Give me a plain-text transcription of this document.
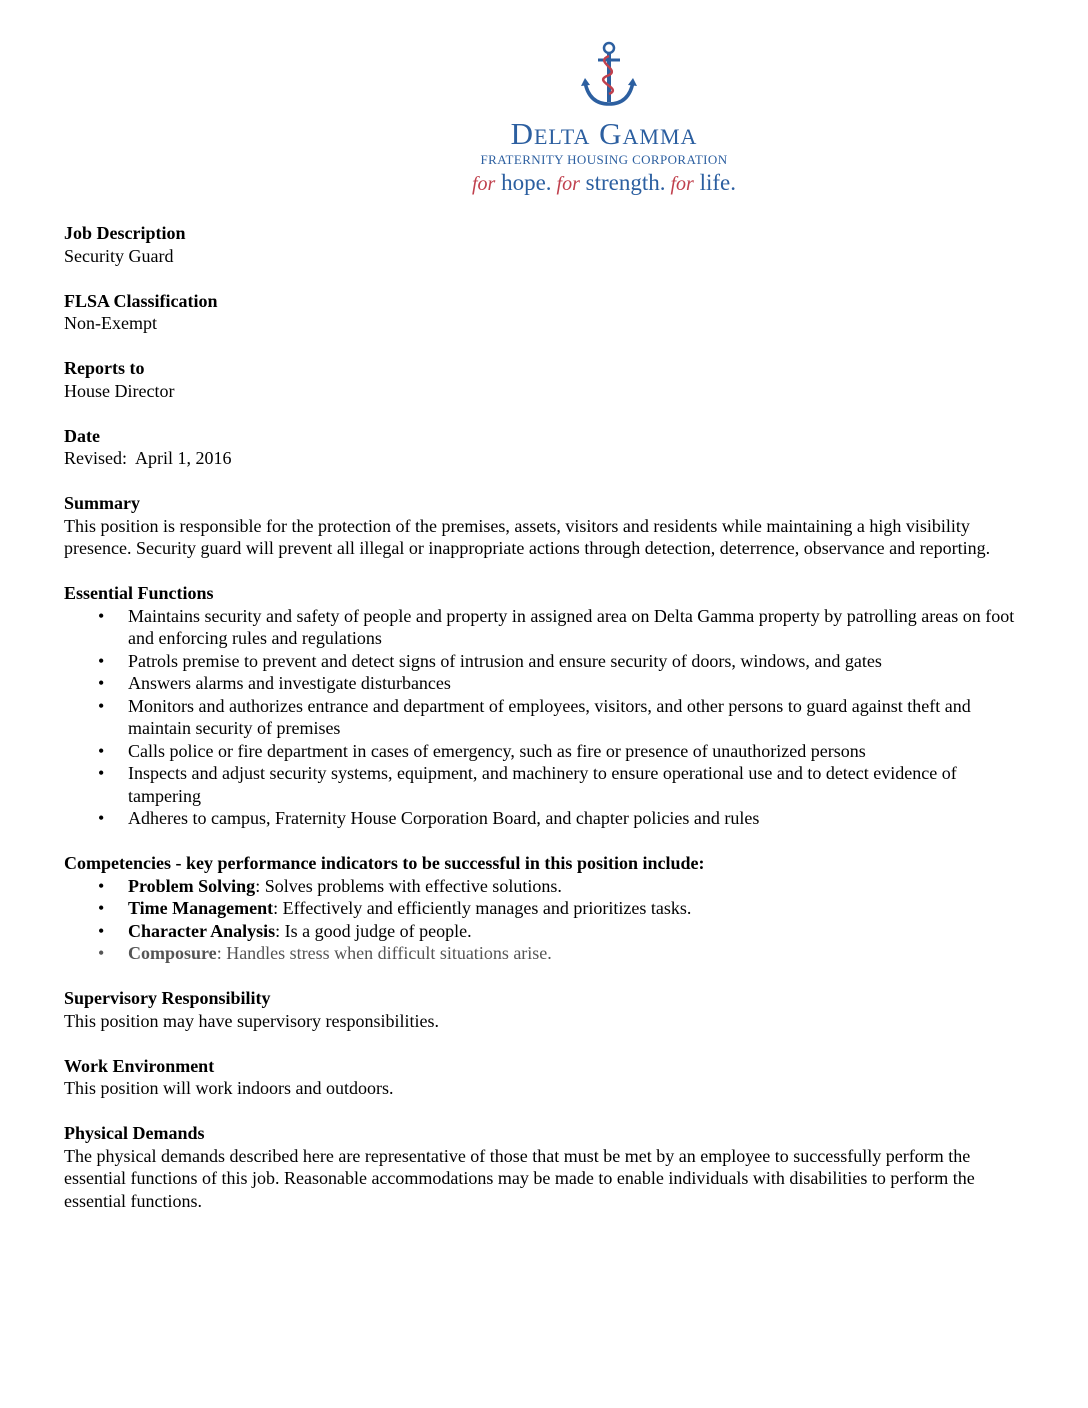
Delta Gamma
FRATERNITY HOUSING CORPORATION
for hope. for strength. for life.
Job Description
Security Guard
FLSA Classification
Non-Exempt
Reports to
House Director
Date
Revised:  April 1, 2016
Summary
This position is responsible for the protection of the premises, assets, visitors and residents while maintaining a high visibility presence. Security guard will prevent all illegal or inappropriate actions through detection, deterrence, observance and reporting.
Essential Functions
• Maintains security and safety of people and property in assigned area on Delta Gamma property by patrolling areas on foot and enforcing rules and regulations
• Patrols premise to prevent and detect signs of intrusion and ensure security of doors, windows, and gates
• Answers alarms and investigate disturbances
• Monitors and authorizes entrance and department of employees, visitors, and other persons to guard against theft and maintain security of premises
• Calls police or fire department in cases of emergency, such as fire or presence of unauthorized persons
• Inspects and adjust security systems, equipment, and machinery to ensure operational use and to detect evidence of tampering
• Adheres to campus, Fraternity House Corporation Board, and chapter policies and rules
Competencies - key performance indicators to be successful in this position include:
• Problem Solving: Solves problems with effective solutions.
• Time Management: Effectively and efficiently manages and prioritizes tasks.
• Character Analysis: Is a good judge of people.
• Composure: Handles stress when difficult situations arise.
Supervisory Responsibility
This position may have supervisory responsibilities.
Work Environment
This position will work indoors and outdoors.
Physical Demands
The physical demands described here are representative of those that must be met by an employee to successfully perform the essential functions of this job. Reasonable accommodations may be made to enable individuals with disabilities to perform the essential functions.
